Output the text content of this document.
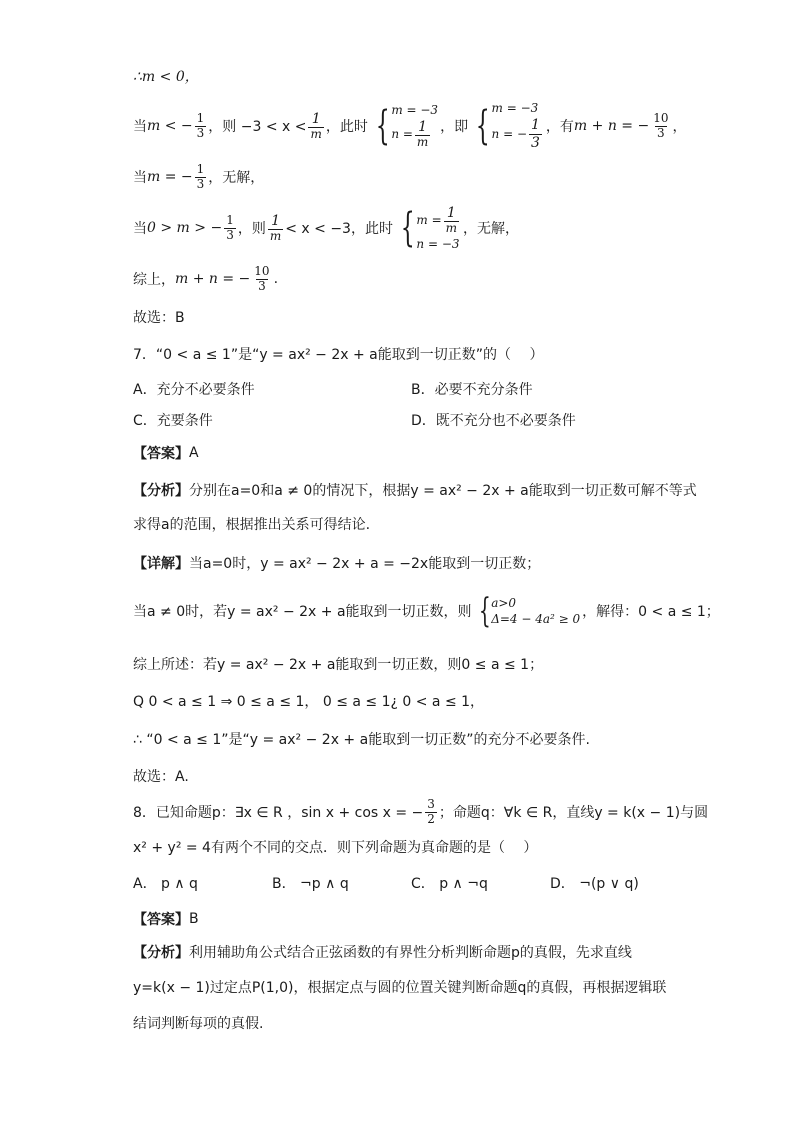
∴m < 0，
当 m < − $\frac{1}{3}$ ，则 $-3 < x < \frac{1}{m}$ ，此时 { m = −3
$n = \frac{1}{m}$ ，即 { m = −3
n = − $\frac{1}{3}$ ，有 m + n = − $\frac{10}{3}$ ，
当 m = − $\frac{1}{3}$ ，无解，
当 0 > m > − $\frac{1}{3}$ ，则 $\frac{1}{m} < x < -3$，此时 { $m = \frac{1}{m}$
n = −3
，无解，
综上， m + n = − $\frac{10}{3}$ .
故选：B
7．“0 < a ≤ 1”是“y = ax² − 2x + a能取到一切正数”的（　 ）
A．充分不必要条件	B．必要不充分条件
C．充要条件	D．既不充分也不必要条件
【答案】 A
【分析】 分别在a=0和a ≠ 0的情况下，根据y = ax² − 2x + a能取到一切正数可解不等式
求得a的范围，根据推出关系可得结论.
【详解】 当a=0时，y = ax² − 2x + a = −2x能取到一切正数；
当a ≠ 0时，若y = ax² − 2x + a能取到一切正数，则 { a>0
Δ=4 − 4a² ≥ 0 ，解得：0 < a ≤ 1；
综上所述：若y = ax² − 2x + a能取到一切正数，则0 ≤ a ≤ 1；
Q 0 < a ≤ 1 ⇒ 0 ≤ a ≤ 1， 0 ≤ a ≤ 1¿ 0 < a ≤ 1，
∴ “0 < a ≤ 1”是“y = ax² − 2x + a能取到一切正数”的充分不必要条件.
故选：A.
8．已知命题p：∃x ∈ R ，sin x + cos x = − $\frac{3}{2}$ ；命题q：∀k ∈ R，直线y = k(x − 1)与圆
x² + y² = 4有两个不同的交点．则下列命题为真命题的是（　 ）
A． p ∧ q	B． ¬p ∧ q	C． p ∧ ¬q	D． ¬(p ∨ q)
【答案】 B
【分析】 利用辅助角公式结合正弦函数的有界性分析判断命题p的真假，先求直线
y=k(x − 1)过定点P(1,0)，根据定点与圆的位置关键判断命题q的真假，再根据逻辑联
结词判断每项的真假.
